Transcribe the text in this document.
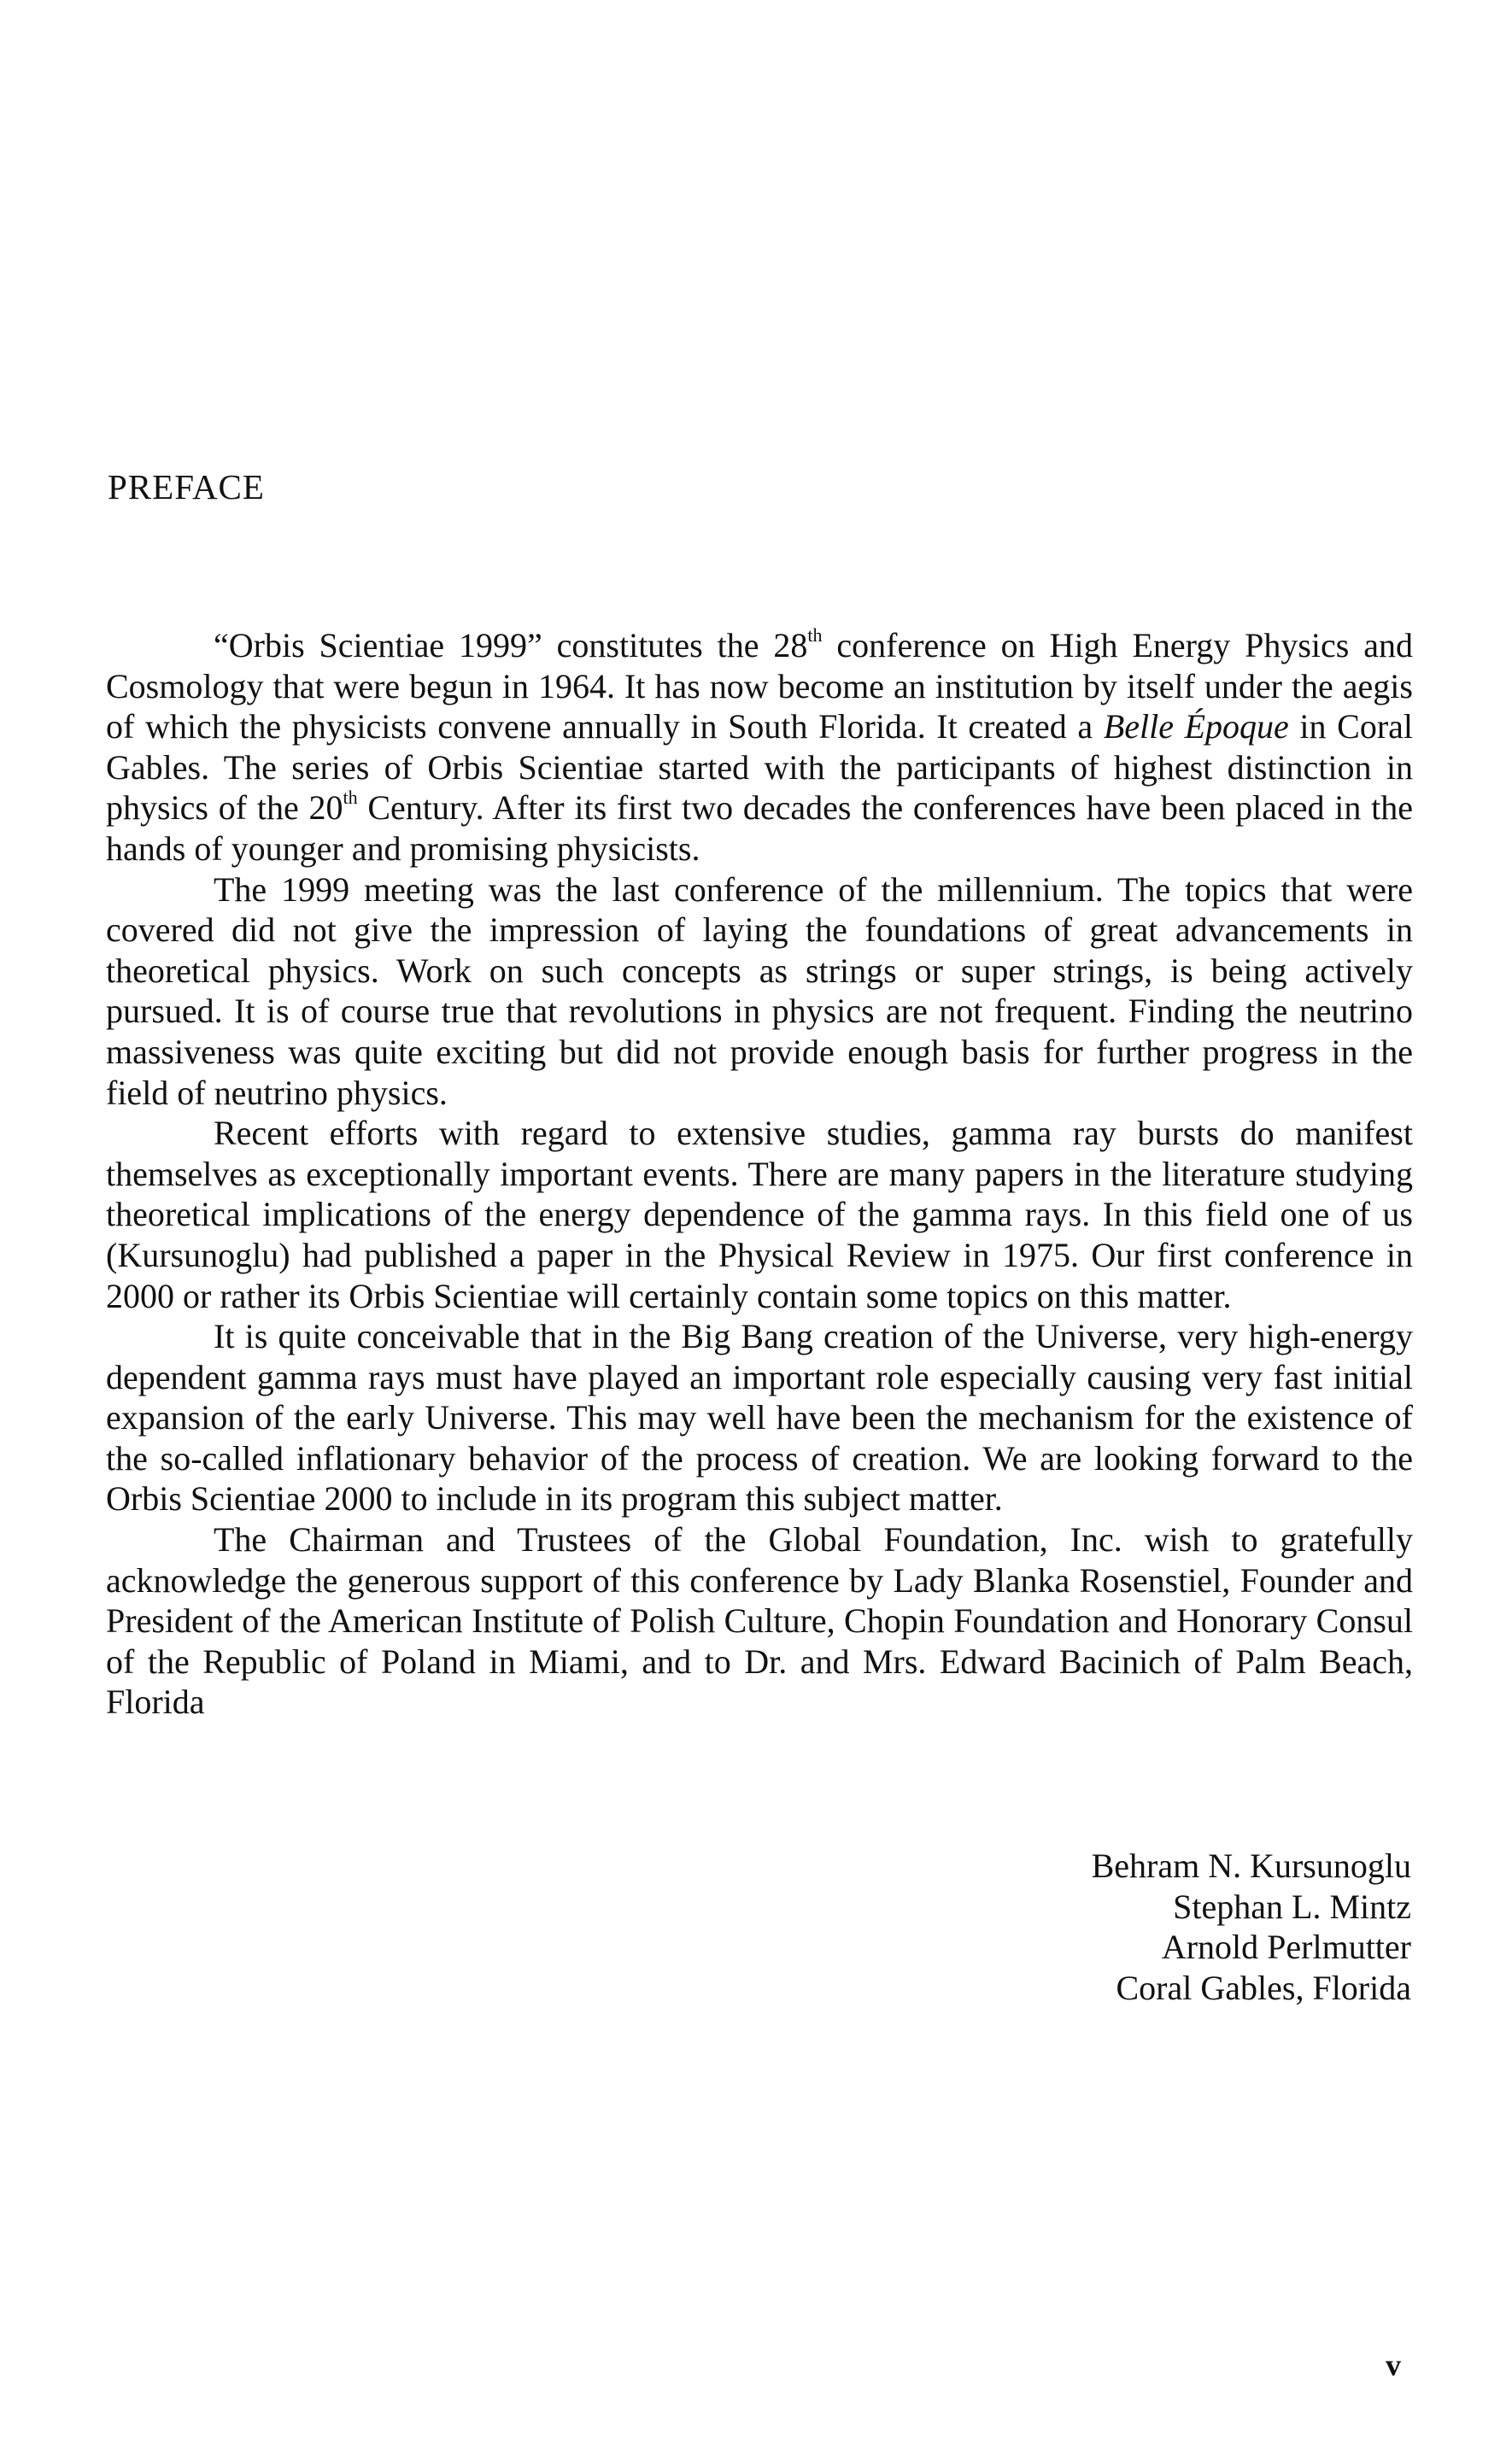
PREFACE

“Orbis Scientiae 1999” constitutes the 28th conference on High Energy Physics and Cosmology that were begun in 1964. It has now become an institution by itself under the aegis of which the physicists convene annually in South Florida. It created a Belle Époque in Coral Gables. The series of Orbis Scientiae started with the participants of highest distinction in physics of the 20th Century. After its first two decades the conferences have been placed in the hands of younger and promising physicists.

The 1999 meeting was the last conference of the millennium. The topics that were covered did not give the impression of laying the foundations of great advancements in theoretical physics. Work on such concepts as strings or super strings, is being actively pursued. It is of course true that revolutions in physics are not frequent. Finding the neutrino massiveness was quite exciting but did not provide enough basis for further progress in the field of neutrino physics.

Recent efforts with regard to extensive studies, gamma ray bursts do manifest themselves as exceptionally important events. There are many papers in the literature studying theoretical implications of the energy dependence of the gamma rays. In this field one of us (Kursunoglu) had published a paper in the Physical Review in 1975. Our first conference in 2000 or rather its Orbis Scientiae will certainly contain some topics on this matter.

It is quite conceivable that in the Big Bang creation of the Universe, very high-energy dependent gamma rays must have played an important role especially causing very fast initial expansion of the early Universe. This may well have been the mechanism for the existence of the so-called inflationary behavior of the process of creation. We are looking forward to the Orbis Scientiae 2000 to include in its program this subject matter.

The Chairman and Trustees of the Global Foundation, Inc. wish to gratefully acknowledge the generous support of this conference by Lady Blanka Rosenstiel, Founder and President of the American Institute of Polish Culture, Chopin Foundation and Honorary Consul of the Republic of Poland in Miami, and to Dr. and Mrs. Edward Bacinich of Palm Beach, Florida

Behram N. Kursunoglu
Stephan L. Mintz
Arnold Perlmutter
Coral Gables, Florida
v
